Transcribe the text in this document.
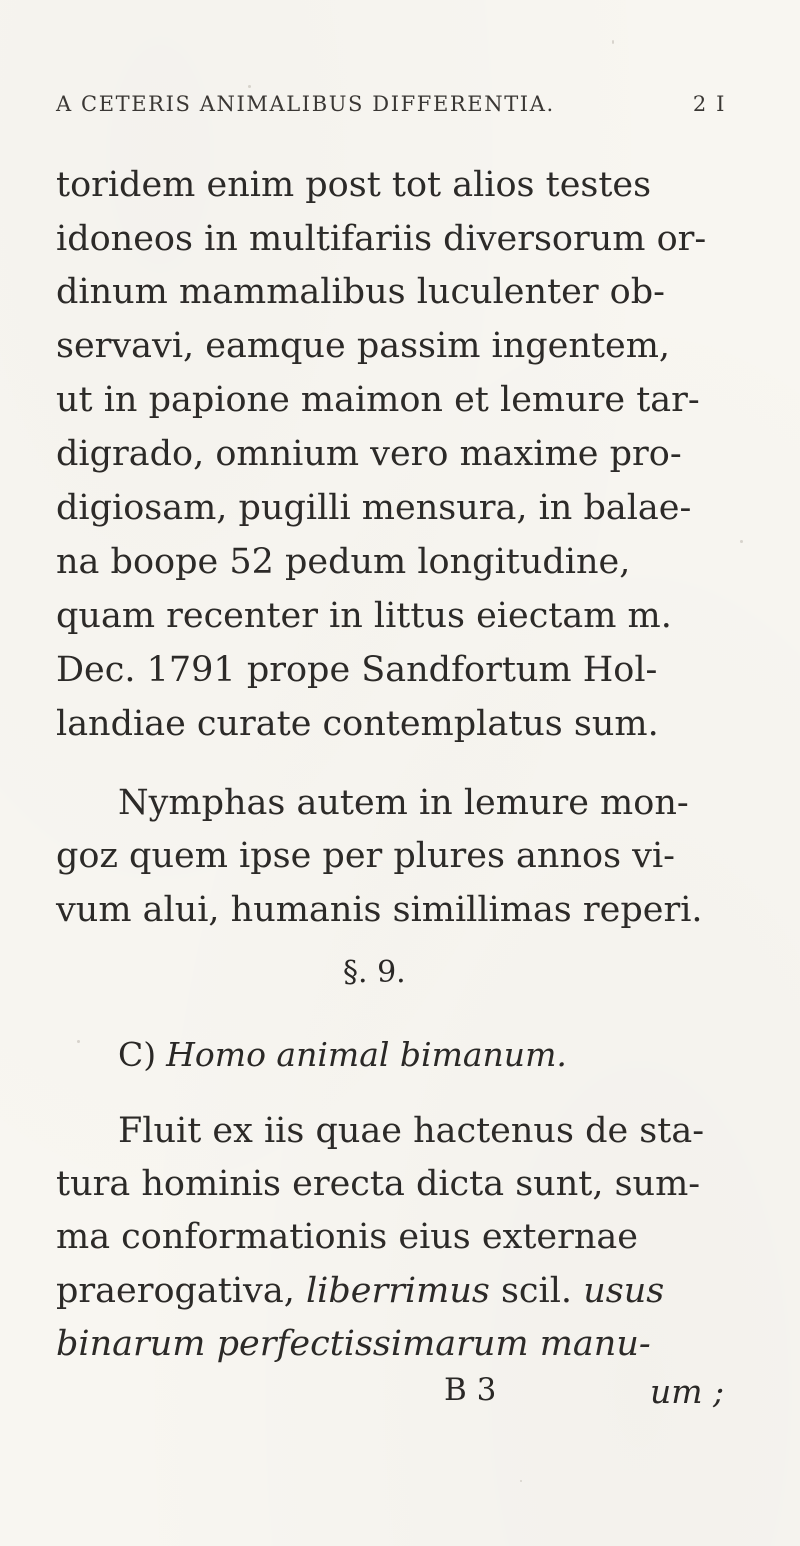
A CETERIS ANIMALIBUS DIFFERENTIA.	2 I
toridem enim post tot alios testes
idoneos in multifariis diversorum or-
dinum mammalibus luculenter ob-
servavi, eamque passim ingentem,
ut in papione maimon et lemure tar-
digrado, omnium vero maxime pro-
digiosam, pugilli mensura, in balae-
na boope 52 pedum longitudine,
quam recenter in littus eiectam m.
Dec. 1791 prope Sandfortum Hol-
landiae curate contemplatus sum.
Nymphas autem in lemure mon-
goz quem ipse per plures annos vi-
vum alui, humanis simillimas reperi.
§. 9.
C) Homo animal bimanum.
Fluit ex iis quae hactenus de sta-
tura hominis erecta dicta sunt, sum-
ma conformationis eius externae
praerogativa, liberrimus scil. usus
binarum perfectissimarum manu-
B 3	um ;
